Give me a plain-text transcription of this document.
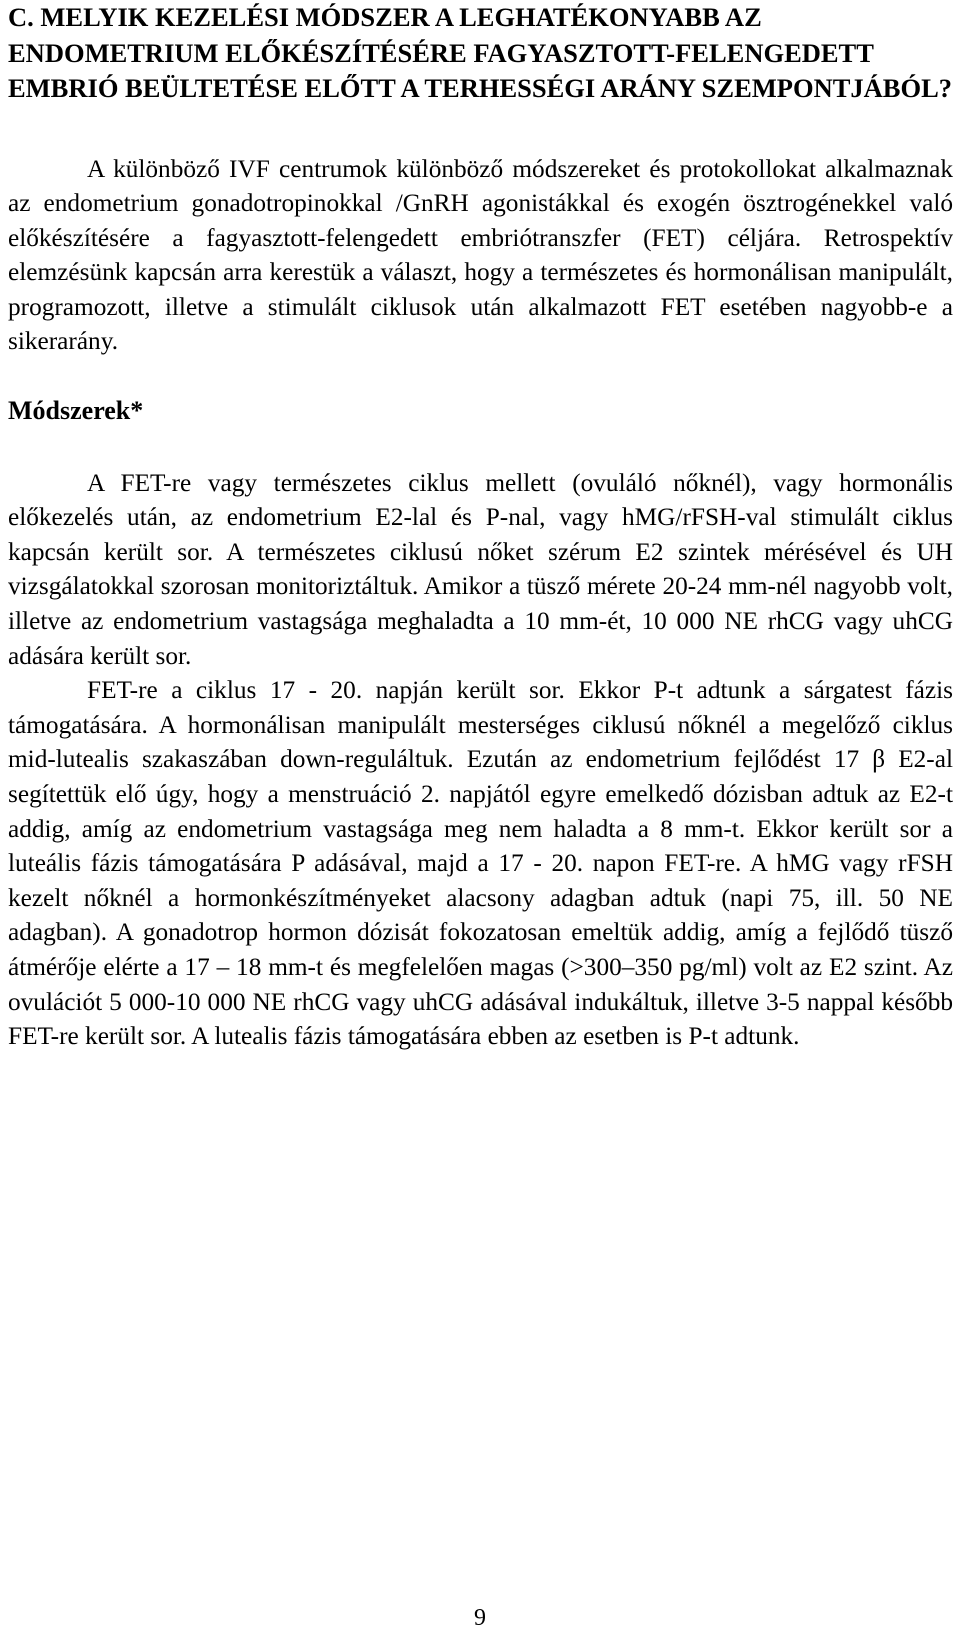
C. MELYIK KEZELÉSI MÓDSZER A LEGHATÉKONYABB AZ ENDOMETRIUM ELŐKÉSZÍTÉSÉRE FAGYASZTOTT-FELENGEDETT EMBRIÓ BEÜLTETÉSE ELŐTT A TERHESSÉGI ARÁNY SZEMPONTJÁBÓL?

A különböző IVF centrumok különböző módszereket és protokollokat alkalmaznak az endometrium gonadotropinokkal /GnRH agonistákkal és exogén ösztrogénekkel való előkészítésére a fagyasztott-felengedett embriótranszfer (FET) céljára. Retrospektív elemzésünk kapcsán arra kerestük a választ, hogy a természetes és hormonálisan manipulált, programozott, illetve a stimulált ciklusok után alkalmazott FET esetében nagyobb-e a sikerarány.

Módszerek*

A FET-re vagy természetes ciklus mellett (ovuláló nőknél), vagy hormonális előkezelés után, az endometrium E2-lal és P-nal, vagy hMG/rFSH-val stimulált ciklus kapcsán került sor. A természetes ciklusú nőket szérum E2 szintek mérésével és UH vizsgálatokkal szorosan monitoriztáltuk. Amikor a tüsző mérete 20-24 mm-nél nagyobb volt, illetve az endometrium vastagsága meghaladta a 10 mm-ét, 10 000 NE rhCG vagy uhCG adására került sor.

FET-re a ciklus 17 - 20. napján került sor. Ekkor P-t adtunk a sárgatest fázis támogatására. A hormonálisan manipulált mesterséges ciklusú nőknél a megelőző ciklus mid-lutealis szakaszában down-reguláltuk. Ezután az endometrium fejlődést 17 β E2-al segítettük elő úgy, hogy a menstruáció 2. napjától egyre emelkedő dózisban adtuk az E2-t addig, amíg az endometrium vastagsága meg nem haladta a 8 mm-t. Ekkor került sor a luteális fázis támogatására P adásával, majd a 17 - 20. napon FET-re. A hMG vagy rFSH kezelt nőknél a hormonkészítményeket alacsony adagban adtuk (napi 75, ill. 50 NE adagban). A gonadotrop hormon dózisát fokozatosan emeltük addig, amíg a fejlődő tüsző átmérője elérte a 17 – 18 mm-t és megfelelően magas (>300–350 pg/ml) volt az E2 szint. Az ovulációt 5 000-10 000 NE rhCG vagy uhCG adásával indukáltuk, illetve 3-5 nappal később FET-re került sor. A lutealis fázis támogatására ebben az esetben is P-t adtunk.

9
